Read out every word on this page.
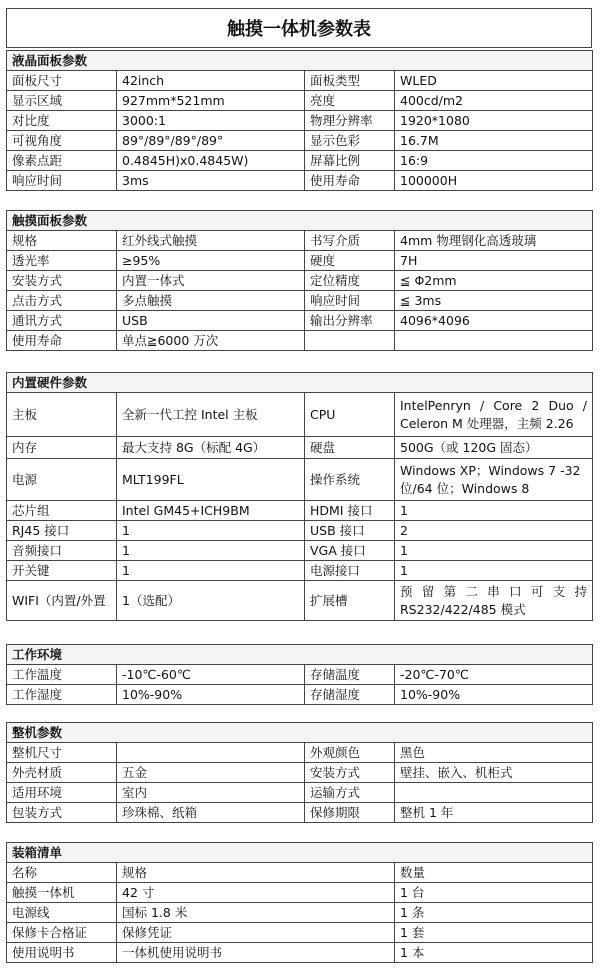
触摸一体机参数表
液晶面板参数			
面板尺寸	42inch	面板类型	WLED
显示区域	927mm*521mm	亮度	400cd/m2
对比度	3000:1	物理分辨率	1920*1080
可视角度	89°/89°/89°/89°	显示色彩	16.7M
像素点距	0.4845H)x0.4845W)	屏幕比例	16:9
响应时间	3ms	使用寿命	100000H
触摸面板参数			
规格	红外线式触摸	书写介质	4mm 物理钢化高透玻璃
透光率	≥95%	硬度	7H
安装方式	内置一体式	定位精度	≦ Φ2mm
点击方式	多点触摸	响应时间	≦ 3ms
通讯方式	USB	输出分辨率	4096*4096
使用寿命	单点≧6000 万次		
内置硬件参数			
主板	全新一代工控 Intel 主板	CPU	IntelPenryn / Core 2 Duo / Celeron M 处理器，主频 2.26
内存	最大支持 8G（标配 4G）	硬盘	500G（或 120G 固态）
电源	MLT199FL	操作系统	Windows XP；Windows 7 -32位/64 位；Windows 8
芯片组	Intel GM45+ICH9BM	HDMI 接口	1
RJ45 接口	1	USB 接口	2
音频接口	1	VGA 接口	1
开关键	1	电源接口	1
WIFI（内置/外置	1（选配）	扩展槽	预留第二串口可支持 RS232/422/485 模式
工作环境			
工作温度	-10℃-60℃	存储温度	-20℃-70℃
工作湿度	10%-90%	存储湿度	10%-90%
整机参数			
整机尺寸		外观颜色	黑色
外壳材质	五金	安装方式	壁挂、嵌入、机柜式
适用环境	室内	运输方式	
包装方式	珍珠棉、纸箱	保修期限	整机 1 年
装箱清单		
名称	规格	数量
触摸一体机	42 寸	1 台
电源线	国标 1.8 米	1 条
保修卡合格证	保修凭证	1 套
使用说明书	一体机使用说明书	1 本
